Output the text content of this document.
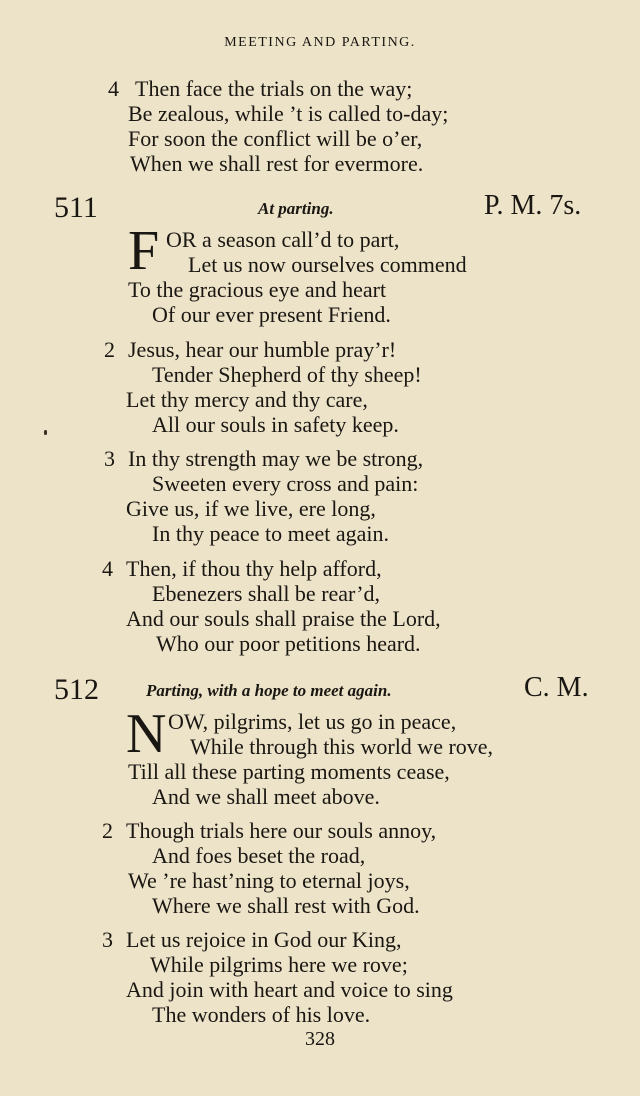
MEETING AND PARTING.
4 Then face the trials on the way;
Be zealous, while ’t is called to-day;
For soon the conflict will be o’er,
When we shall rest for evermore.
511	At parting.	P. M. 7s.
F OR a season call’d to part,
Let us now ourselves commend
To the gracious eye and heart
Of our ever present Friend.
2 Jesus, hear our humble pray’r!
Tender Shepherd of thy sheep!
Let thy mercy and thy care,
All our souls in safety keep.
3 In thy strength may we be strong,
Sweeten every cross and pain:
Give us, if we live, ere long,
In thy peace to meet again.
4 Then, if thou thy help afford,
Ebenezers shall be rear’d,
And our souls shall praise the Lord,
Who our poor petitions heard.
512	Parting, with a hope to meet again.	C. M.
N OW, pilgrims, let us go in peace,
While through this world we rove,
Till all these parting moments cease,
And we shall meet above.
2 Though trials here our souls annoy,
And foes beset the road,
We ’re hast’ning to eternal joys,
Where we shall rest with God.
3 Let us rejoice in God our King,
While pilgrims here we rove;
And join with heart and voice to sing
The wonders of his love.
328
